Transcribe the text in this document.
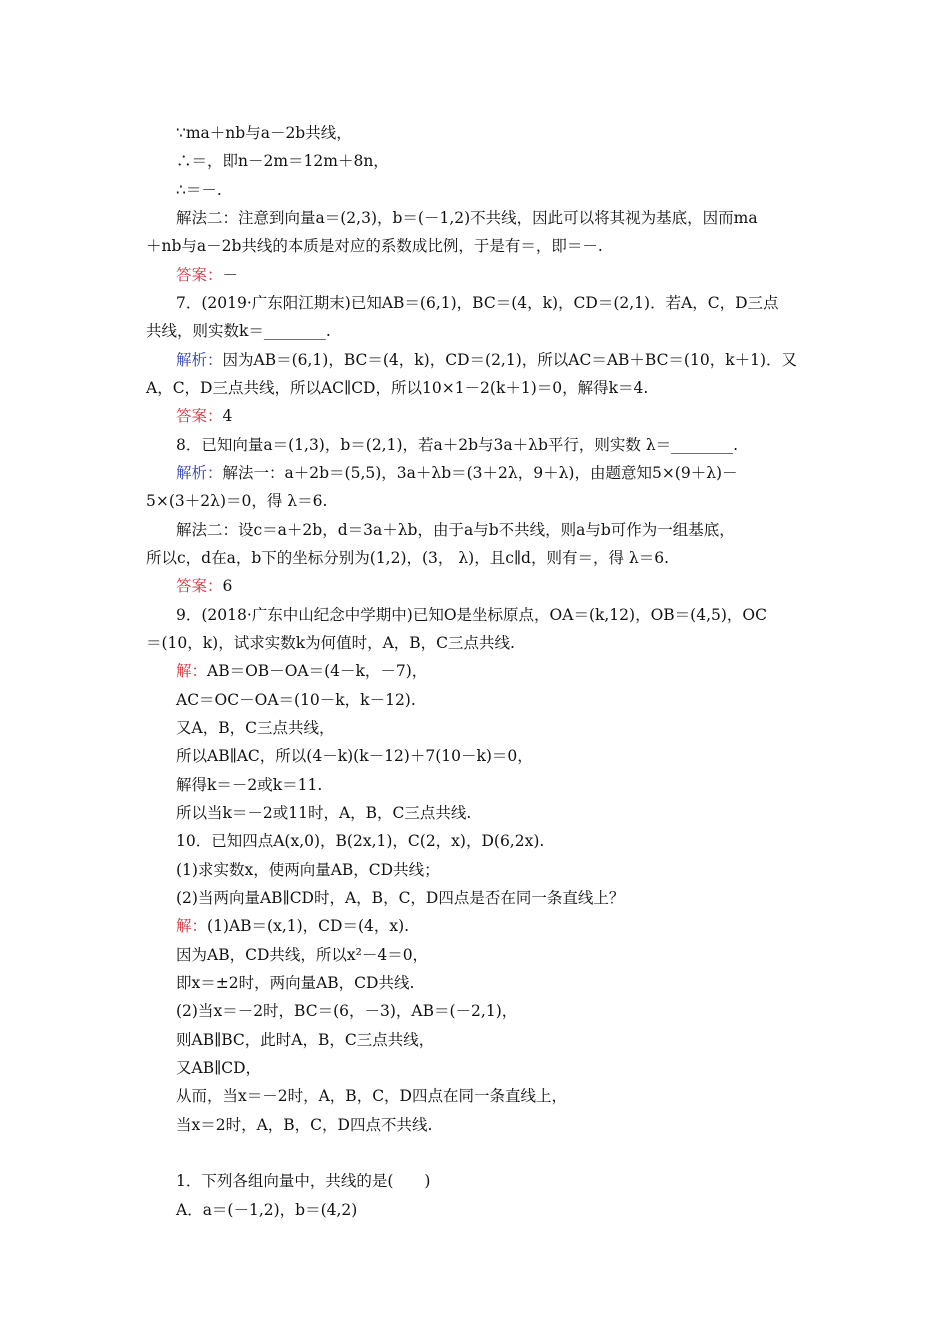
∵ma＋nb与a－2b共线，
∴＝，即n－2m＝12m＋8n，
∴＝－.
解法二：注意到向量a＝(2,3)，b＝(－1,2)不共线，因此可以将其视为基底，因而ma
＋nb与a－2b共线的本质是对应的系数成比例，于是有＝，即＝－.
答案：－
7．(2019·广东阳江期末)已知AB＝(6,1)，BC＝(4，k)，CD＝(2,1)．若A，C，D三点
共线，则实数k＝________.
解析：因为AB＝(6,1)，BC＝(4，k)，CD＝(2,1)，所以AC＝AB＋BC＝(10，k＋1)．又
A，C，D三点共线，所以AC∥CD，所以10×1－2(k＋1)＝0，解得k＝4.
答案：4
8．已知向量a＝(1,3)，b＝(2,1)，若a＋2b与3a＋λb平行，则实数 λ＝________.
解析：解法一：a＋2b＝(5,5)，3a＋λb＝(3＋2λ，9＋λ)，由题意知5×(9＋λ)－
5×(3＋2λ)＝0，得 λ＝6.
解法二：设c＝a＋2b，d＝3a＋λb，由于a与b不共线，则a与b可作为一组基底，
所以c，d在a，b下的坐标分别为(1,2)，(3， λ)，且c∥d，则有＝，得 λ＝6.
答案：6
9．(2018·广东中山纪念中学期中)已知O是坐标原点，OA＝(k,12)，OB＝(4,5)，OC
＝(10，k)，试求实数k为何值时，A，B，C三点共线.
解：AB＝OB－OA＝(4－k，－7)，
AC＝OC－OA＝(10－k，k－12).
又A，B，C三点共线，
所以AB∥AC，所以(4－k)(k－12)＋7(10－k)＝0，
解得k＝－2或k＝11.
所以当k＝－2或11时，A，B，C三点共线.
10．已知四点A(x,0)，B(2x,1)，C(2，x)，D(6,2x).
(1)求实数x，使两向量AB，CD共线；
(2)当两向量AB∥CD时，A，B，C，D四点是否在同一条直线上？
解：(1)AB＝(x,1)，CD＝(4，x).
因为AB，CD共线，所以x²－4＝0，
即x＝±2时，两向量AB，CD共线.
(2)当x＝－2时，BC＝(6，－3)，AB＝(－2,1)，
则AB∥BC，此时A，B，C三点共线，
又AB∥CD，
从而，当x＝－2时，A，B，C，D四点在同一条直线上，
当x＝2时，A，B，C，D四点不共线.
1．下列各组向量中，共线的是(　　)
A．a＝(－1,2)，b＝(4,2)
